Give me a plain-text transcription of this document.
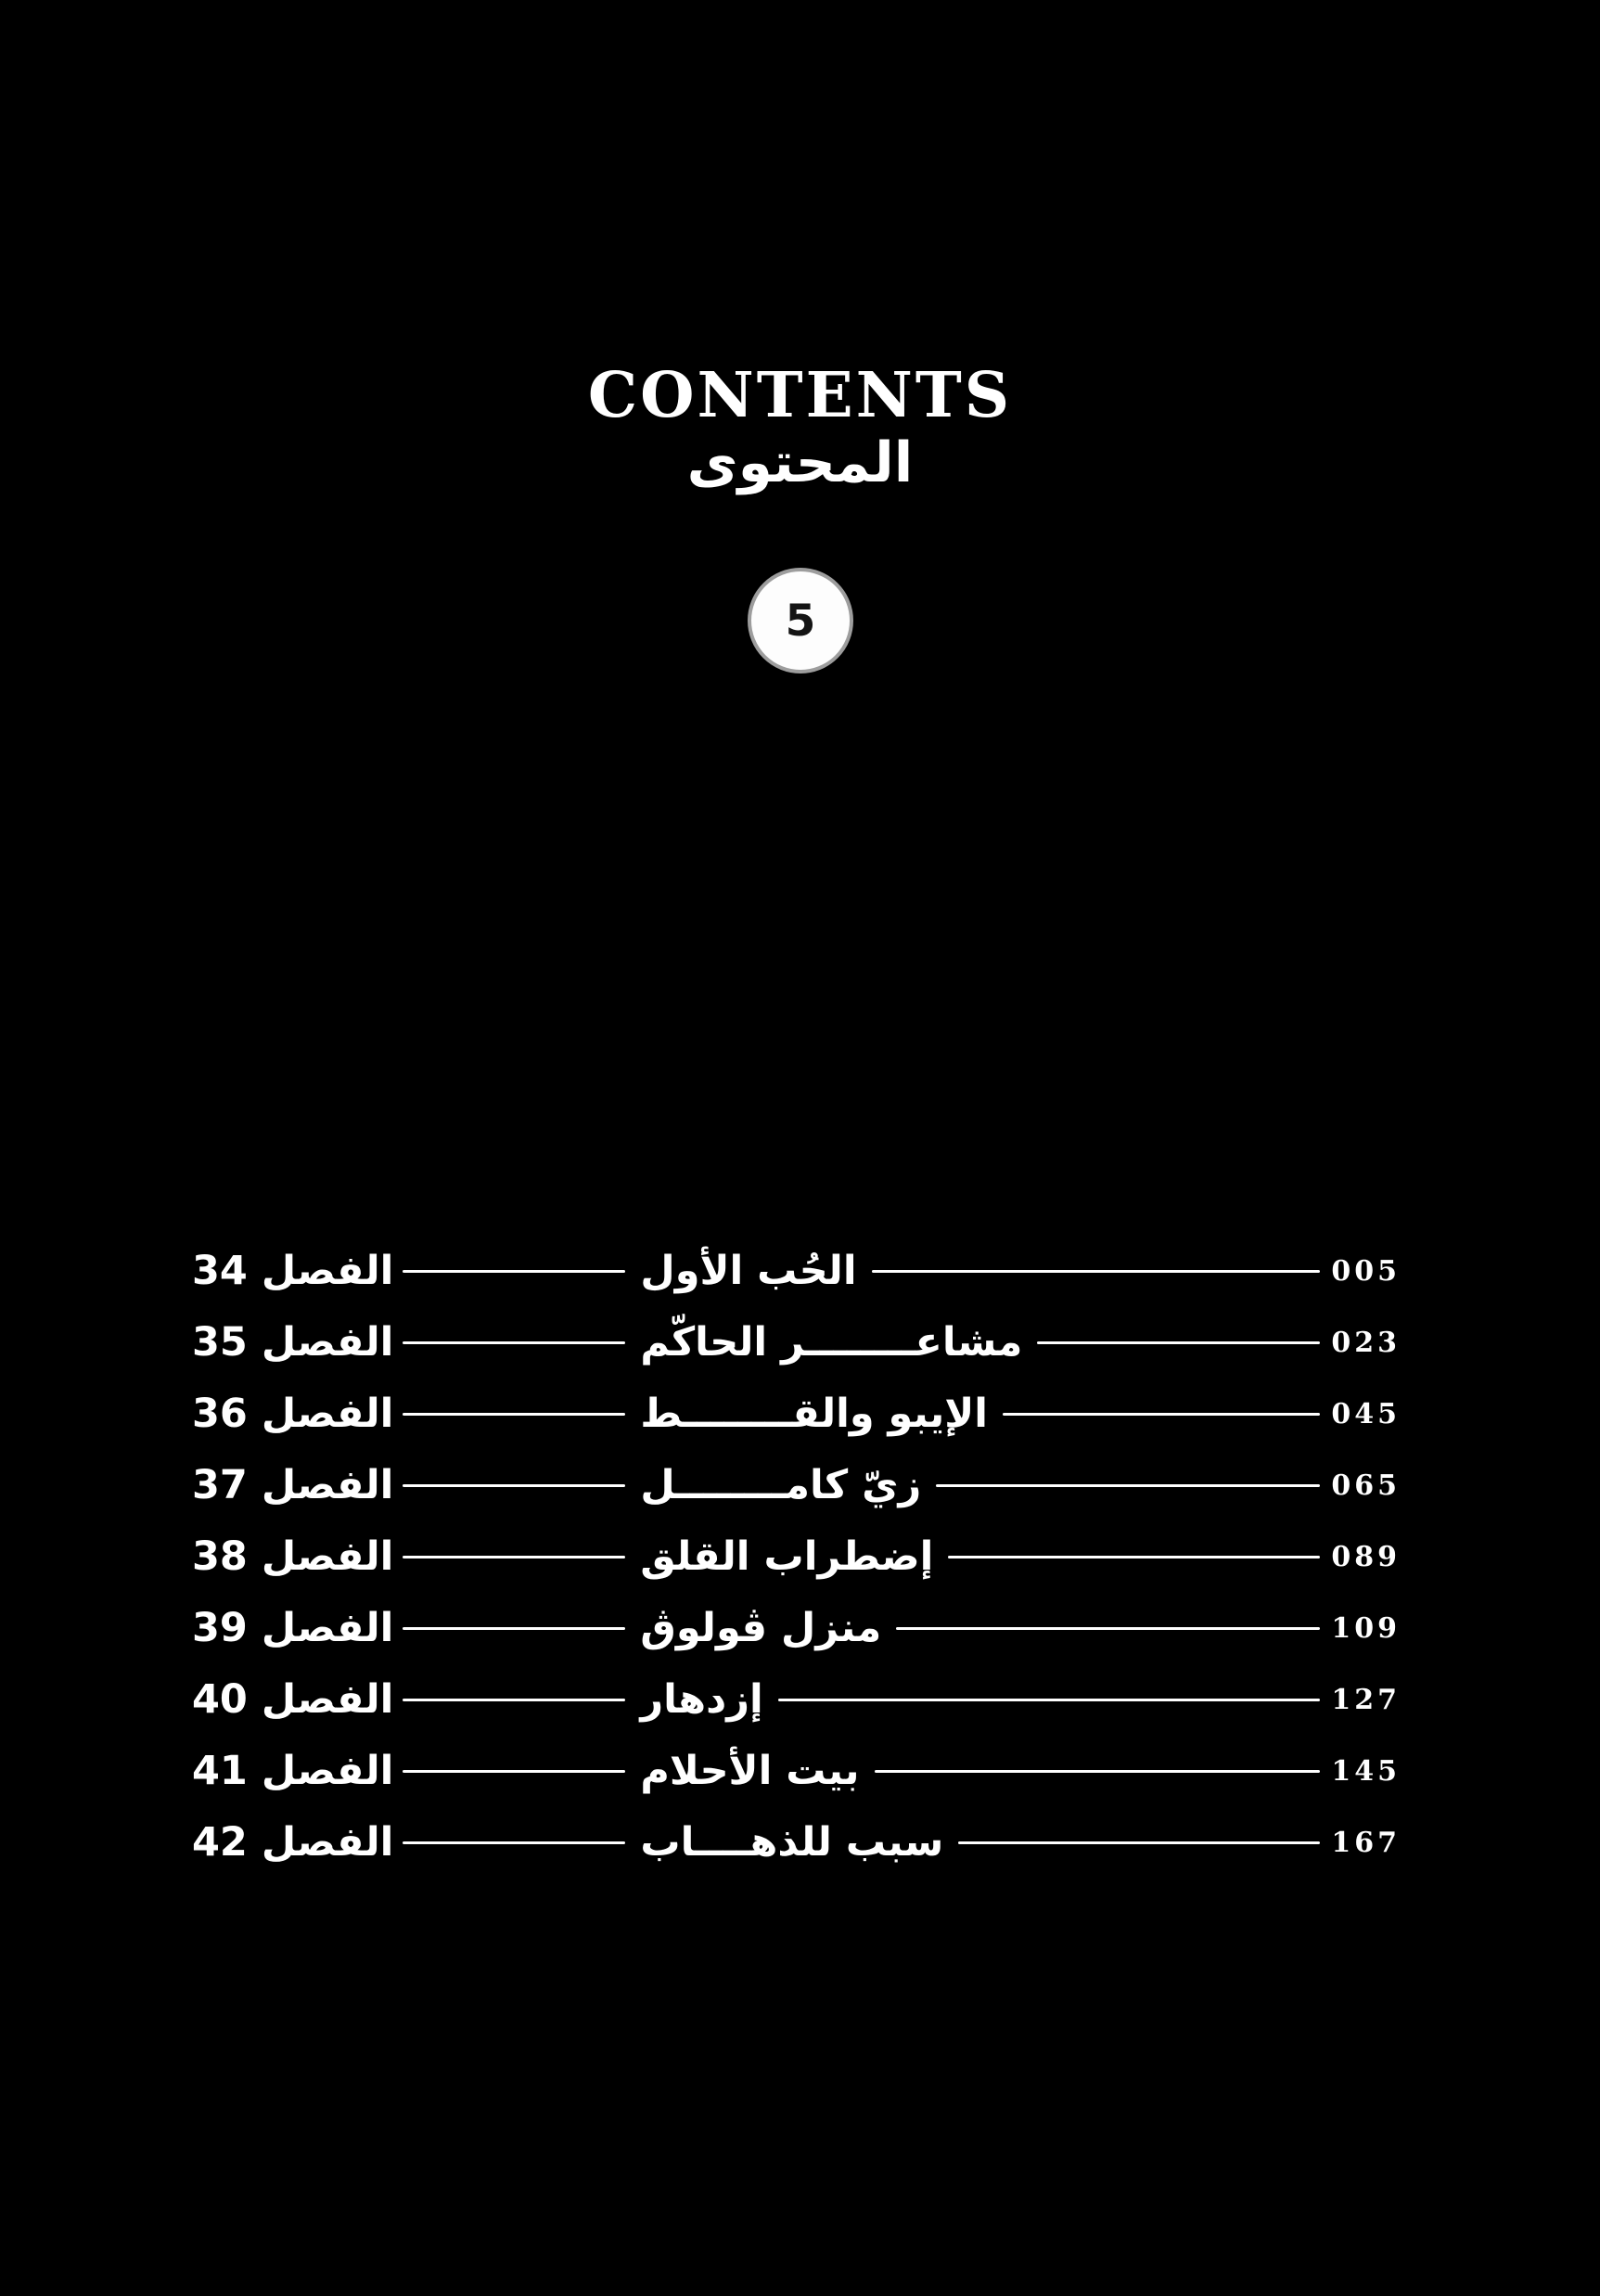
CONTENTS
المحتوى
5
الفصل 34	الحُب الأول	005
الفصل 35	مشاعــــــــر الحاكّم	023
الفصل 36	الإيبو والقــــــــط	045
الفصل 37	زيّ كامــــــــل	065
الفصل 38	إضطراب القلق	089
الفصل 39	منزل ڨولوڨ	109
الفصل 40	إزدهار	127
الفصل 41	بيت الأحلام	145
الفصل 42	سبب للذهــــاب	167
